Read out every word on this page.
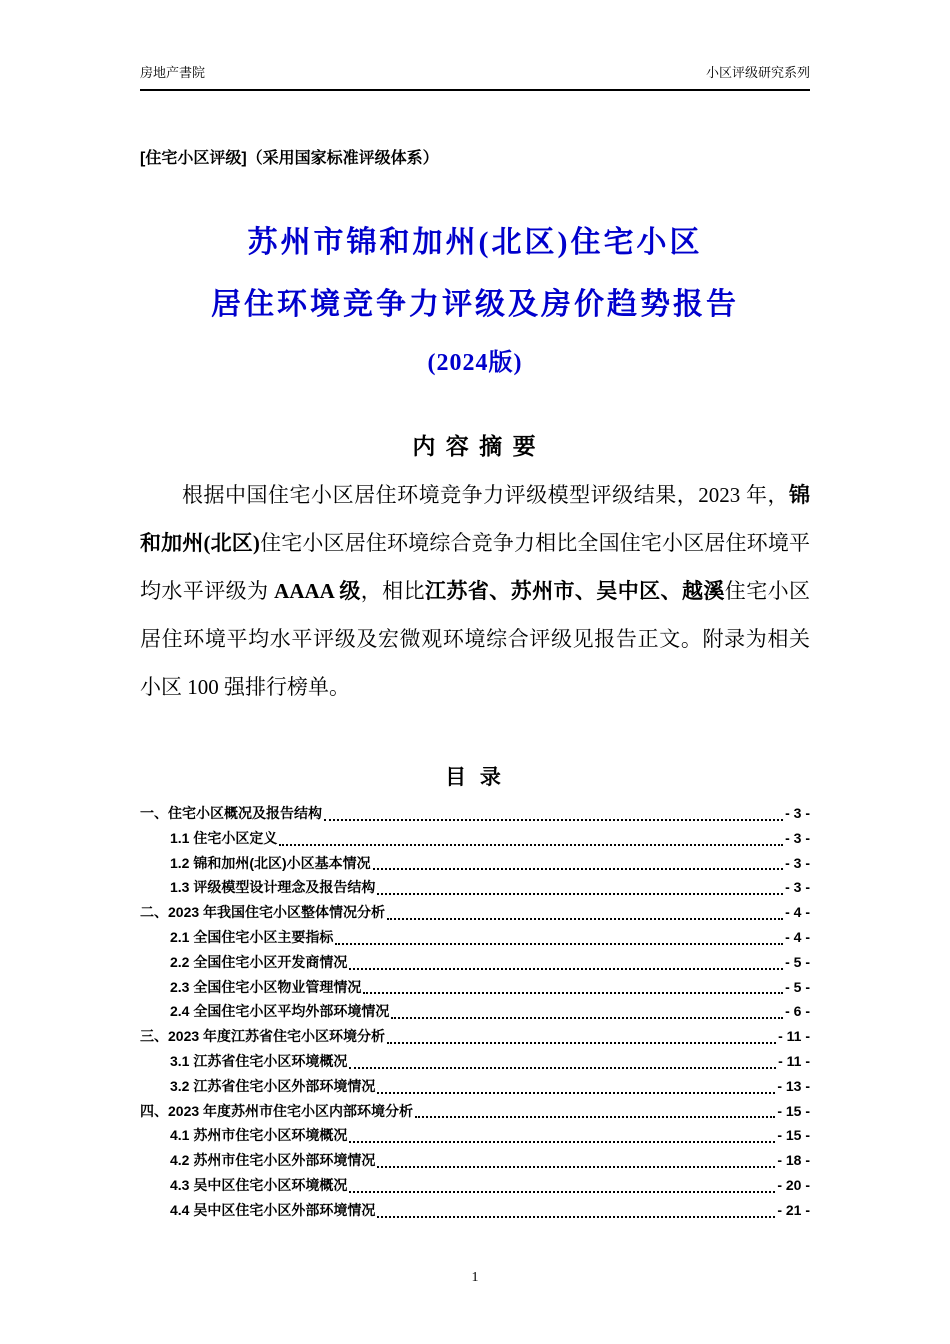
房地产書院	小区评级研究系列
[住宅小区评级]（采用国家标准评级体系）
苏州市锦和加州(北区)住宅小区
居住环境竞争力评级及房价趋势报告
(2024版)
内 容 摘 要

根据中国住宅小区居住环境竞争力评级模型评级结果，2023 年，锦和加州(北区)住宅小区居住环境综合竞争力相比全国住宅小区居住环境平均水平评级为 AAAA 级，相比江苏省、苏州市、吴中区、越溪住宅小区居住环境平均水平评级及宏微观环境综合评级见报告正文。附录为相关小区 100 强排行榜单。

目 录
一、住宅小区概况及报告结构	- 3 -
1.1 住宅小区定义	- 3 -
1.2 锦和加州(北区)小区基本情况	- 3 -
1.3 评级模型设计理念及报告结构	- 3 -
二、2023 年我国住宅小区整体情况分析	- 4 -
2.1 全国住宅小区主要指标	- 4 -
2.2 全国住宅小区开发商情况	- 5 -
2.3 全国住宅小区物业管理情况	- 5 -
2.4 全国住宅小区平均外部环境情况	- 6 -
三、2023 年度江苏省住宅小区环境分析	- 11 -
3.1 江苏省住宅小区环境概况	- 11 -
3.2 江苏省住宅小区外部环境情况	- 13 -
四、2023 年度苏州市住宅小区内部环境分析	- 15 -
4.1 苏州市住宅小区环境概况	- 15 -
4.2 苏州市住宅小区外部环境情况	- 18 -
4.3 吴中区住宅小区环境概况	- 20 -
4.4 吴中区住宅小区外部环境情况	- 21 -
1
